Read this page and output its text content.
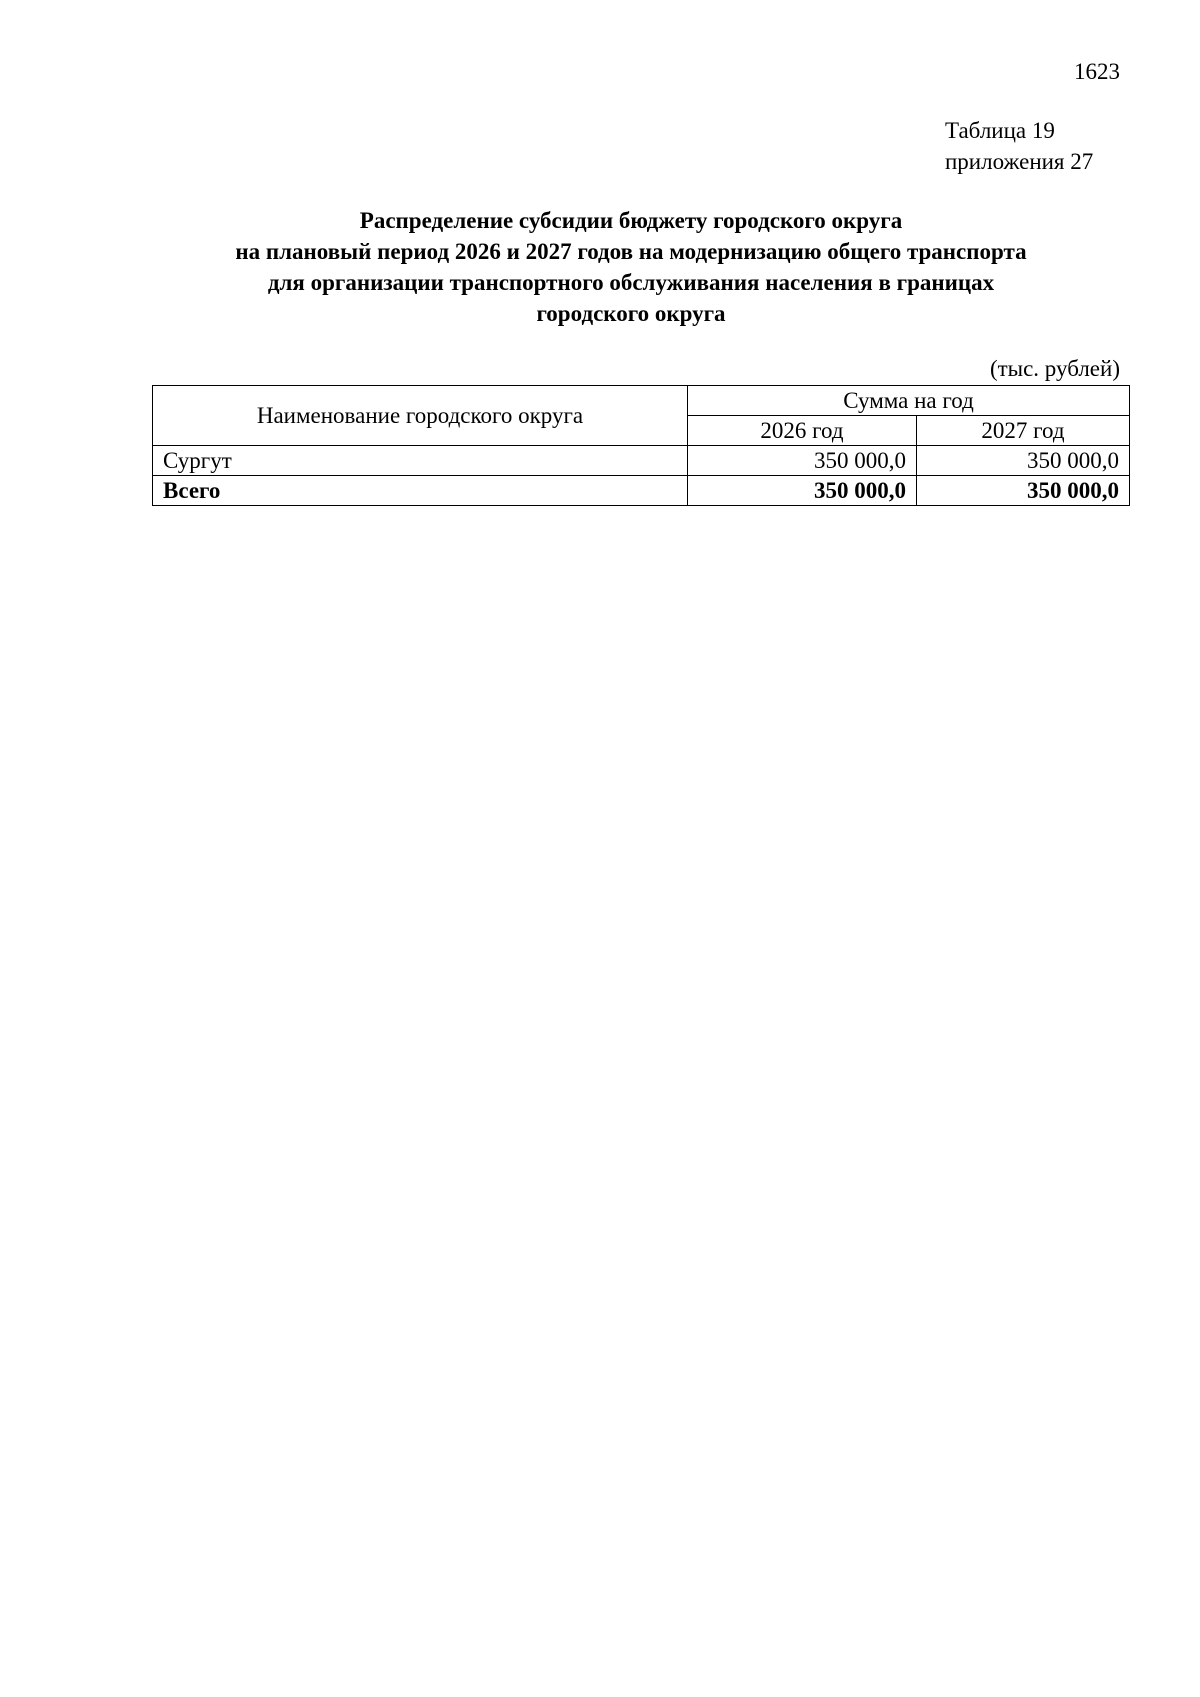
1623
Таблица 19
приложения 27
Распределение субсидии бюджету городского округа
на плановый период 2026 и 2027 годов на модернизацию общего транспорта
для организации транспортного обслуживания населения в границах
городского округа
(тыс. рублей)
Наименование городского округа	Сумма на год	
	2026 год	2027 год
Сургут	350 000,0	350 000,0
Всего	350 000,0	350 000,0
